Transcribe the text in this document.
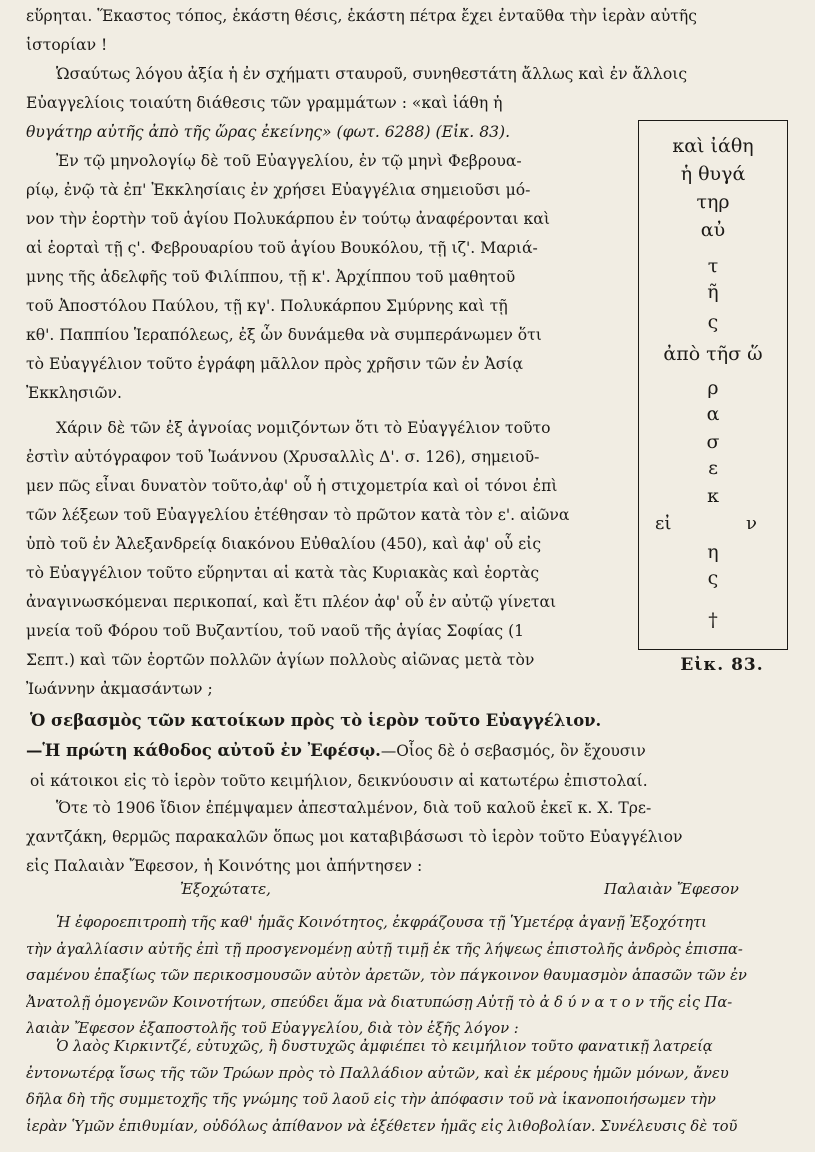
εὕρηται. Ἕκαστος τόπος, ἑκάστη θέσις, ἑκάστη πέτρα ἔχει ἐνταῦθα τὴν ἱερὰν αὐτῆς
ἱστορίαν !
Ὡσαύτως λόγου ἀξία ἡ ἐν σχήματι σταυροῦ, συνηθεστάτη ἄλλως καὶ ἐν ἄλλοις
Εὐαγγελίοις τοιαύτη διάθεσις τῶν γραμμάτων : «καὶ ἰάθη ἡ
θυγάτηρ αὐτῆς ἀπὸ τῆς ὥρας ἐκείνης» (φωτ. 6288) (Εἰκ. 83).
Ἐν τῷ μηνολογίῳ δὲ τοῦ Εὐαγγελίου, ἐν τῷ μηνὶ Φεβρουα-
ρίῳ, ἐνῷ τὰ ἐπ' Ἐκκλησίαις ἐν χρήσει Εὐαγγέλια σημειοῦσι μό-
νον τὴν ἑορτὴν τοῦ ἁγίου Πολυκάρπου ἐν τούτῳ ἀναφέρονται καὶ
αἱ ἑορταὶ τῇ ς'. Φεβρουαρίου τοῦ ἁγίου Βουκόλου, τῇ ιζ'. Μαριά-
μνης τῆς ἀδελφῆς τοῦ Φιλίππου, τῇ κ'. Ἀρχίππου τοῦ μαθητοῦ
τοῦ Ἀποστόλου Παύλου, τῇ κγ'. Πολυκάρπου Σμύρνης καὶ τῇ
κθ'. Παππίου Ἱεραπόλεως, ἐξ ὧν δυνάμεθα νὰ συμπεράνωμεν ὅτι
τὸ Εὐαγγέλιον τοῦτο ἐγράφη μᾶλλον πρὸς χρῆσιν τῶν ἐν Ἀσίᾳ
Ἐκκλησιῶν.
Χάριν δὲ τῶν ἐξ ἀγνοίας νομιζόντων ὅτι τὸ Εὐαγγέλιον τοῦτο
ἐστὶν αὐτόγραφον τοῦ Ἰωάννου (Χρυσαλλὶς Δ'. σ. 126), σημειοῦ-
μεν πῶς εἶναι δυνατὸν τοῦτο,ἀφ' οὗ ἡ στιχομετρία καὶ οἱ τόνοι ἐπὶ
τῶν λέξεων τοῦ Εὐαγγελίου ἐτέθησαν τὸ πρῶτον κατὰ τὸν ε'. αἰῶνα
ὑπὸ τοῦ ἐν Ἀλεξανδρείᾳ διακόνου Εὐθαλίου (450), καὶ ἀφ' οὗ εἰς
τὸ Εὐαγγέλιον τοῦτο εὕρηνται αἱ κατὰ τὰς Κυριακὰς καὶ ἑορτὰς
ἀναγινωσκόμεναι περικοπαί, καὶ ἔτι πλέον ἀφ' οὗ ἐν αὐτῷ γίνεται
μνεία τοῦ Φόρου τοῦ Βυζαντίου, τοῦ ναοῦ τῆς ἁγίας Σοφίας (1
Σεπτ.) καὶ τῶν ἑορτῶν πολλῶν ἁγίων πολλοὺς αἰῶνας μετὰ τὸν
Ἰωάννην ἀκμασάντων ;
καὶ ἰάθη
ἡ θυγά
τηρ
αὐ
τ
ῆ
ς
ἀπὸ τῆσ ὥ
ρ
α
σ
ε
κ
η
ς
†
εἰ	ν
Εἰκ. 83.
Ὁ σεβασμὸς τῶν κατοίκων πρὸς τὸ ἱερὸν τοῦτο Εὐαγγέλιον.
—Ἡ πρώτη κάθοδος αὐτοῦ ἐν Ἐφέσῳ.—Οἷος δὲ ὁ σεβασμός, ὃν ἔχουσιν
οἱ κάτοικοι εἰς τὸ ἱερὸν τοῦτο κειμήλιον, δεικνύουσιν αἱ κατωτέρω ἐπιστολαί.
Ὅτε τὸ 1906 ἴδιον ἐπέμψαμεν ἀπεσταλμένον, διὰ τοῦ καλοῦ ἐκεῖ κ. Χ. Τρε-
χαντζάκη, θερμῶς παρακαλῶν ὅπως μοι καταβιβάσωσι τὸ ἱερὸν τοῦτο Εὐαγγέλιον
εἰς Παλαιὰν Ἔφεσον, ἡ Κοινότης μοι ἀπήντησεν :
Ἐξοχώτατε,	Παλαιὰν Ἔφεσον
Ἡ ἐφοροεπιτροπὴ τῆς καθ' ἡμᾶς Κοινότητος, ἐκφράζουσα τῇ Ὑμετέρᾳ ἀγανῇ Ἐξοχότητι
τὴν ἀγαλλίασιν αὐτῆς ἐπὶ τῇ προσγενομένῃ αὐτῇ τιμῇ ἐκ τῆς λήψεως ἐπιστολῆς ἀνδρὸς ἐπισπα-
σαμένου ἐπαξίως τῶν περικοσμουσῶν αὐτὸν ἀρετῶν, τὸν πάγκοινον θαυμασμὸν ἁπασῶν τῶν ἐν
Ἀνατολῇ ὁμογενῶν Κοινοτήτων, σπεύδει ἅμα νὰ διατυπώσῃ Αὐτῇ τὸ ἀ δ ύ ν α τ ο ν τῆς εἰς Πα-
λαιὰν Ἔφεσον ἐξαποστολῆς τοῦ Εὐαγγελίου, διὰ τὸν ἑξῆς λόγον :
Ὁ λαὸς Κιρκιντζέ, εὐτυχῶς, ἢ δυστυχῶς ἀμφιέπει τὸ κειμήλιον τοῦτο φανατικῇ λατρείᾳ
ἐντονωτέρᾳ ἴσως τῆς τῶν Τρώων πρὸς τὸ Παλλάδιον αὐτῶν, καὶ ἐκ μέρους ἡμῶν μόνων, ἄνευ
δῆλα δὴ τῆς συμμετοχῆς τῆς γνώμης τοῦ λαοῦ εἰς τὴν ἀπόφασιν τοῦ νὰ ἱκανοποιήσωμεν τὴν
ἱερὰν Ὑμῶν ἐπιθυμίαν, οὐδόλως ἀπίθανον νὰ ἐξέθετεν ἡμᾶς εἰς λιθοβολίαν. Συνέλευσις δὲ τοῦ
